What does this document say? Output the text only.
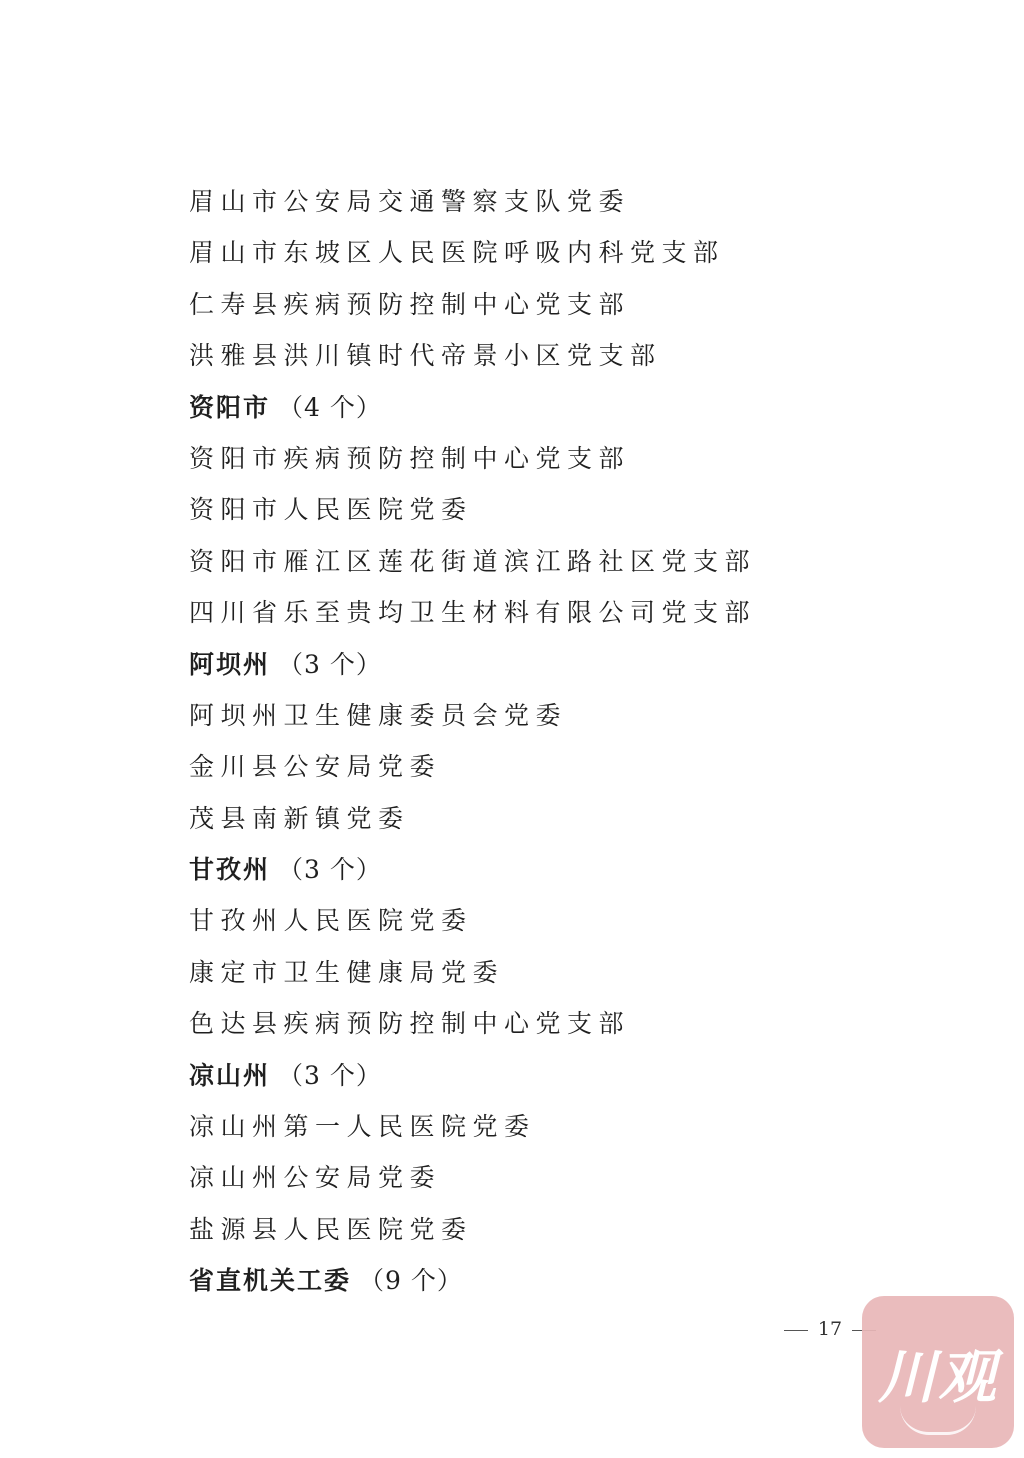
眉山市公安局交通警察支队党委
眉山市东坡区人民医院呼吸内科党支部
仁寿县疾病预防控制中心党支部
洪雅县洪川镇时代帝景小区党支部
资阳市 （4 个）
资阳市疾病预防控制中心党支部
资阳市人民医院党委
资阳市雁江区莲花街道滨江路社区党支部
四川省乐至贵均卫生材料有限公司党支部
阿坝州 （3 个）
阿坝州卫生健康委员会党委
金川县公安局党委
茂县南新镇党委
甘孜州 （3 个）
甘孜州人民医院党委
康定市卫生健康局党委
色达县疾病预防控制中心党支部
凉山州 （3 个）
凉山州第一人民医院党委
凉山州公安局党委
盐源县人民医院党委
省直机关工委 （9 个）
17
川观
